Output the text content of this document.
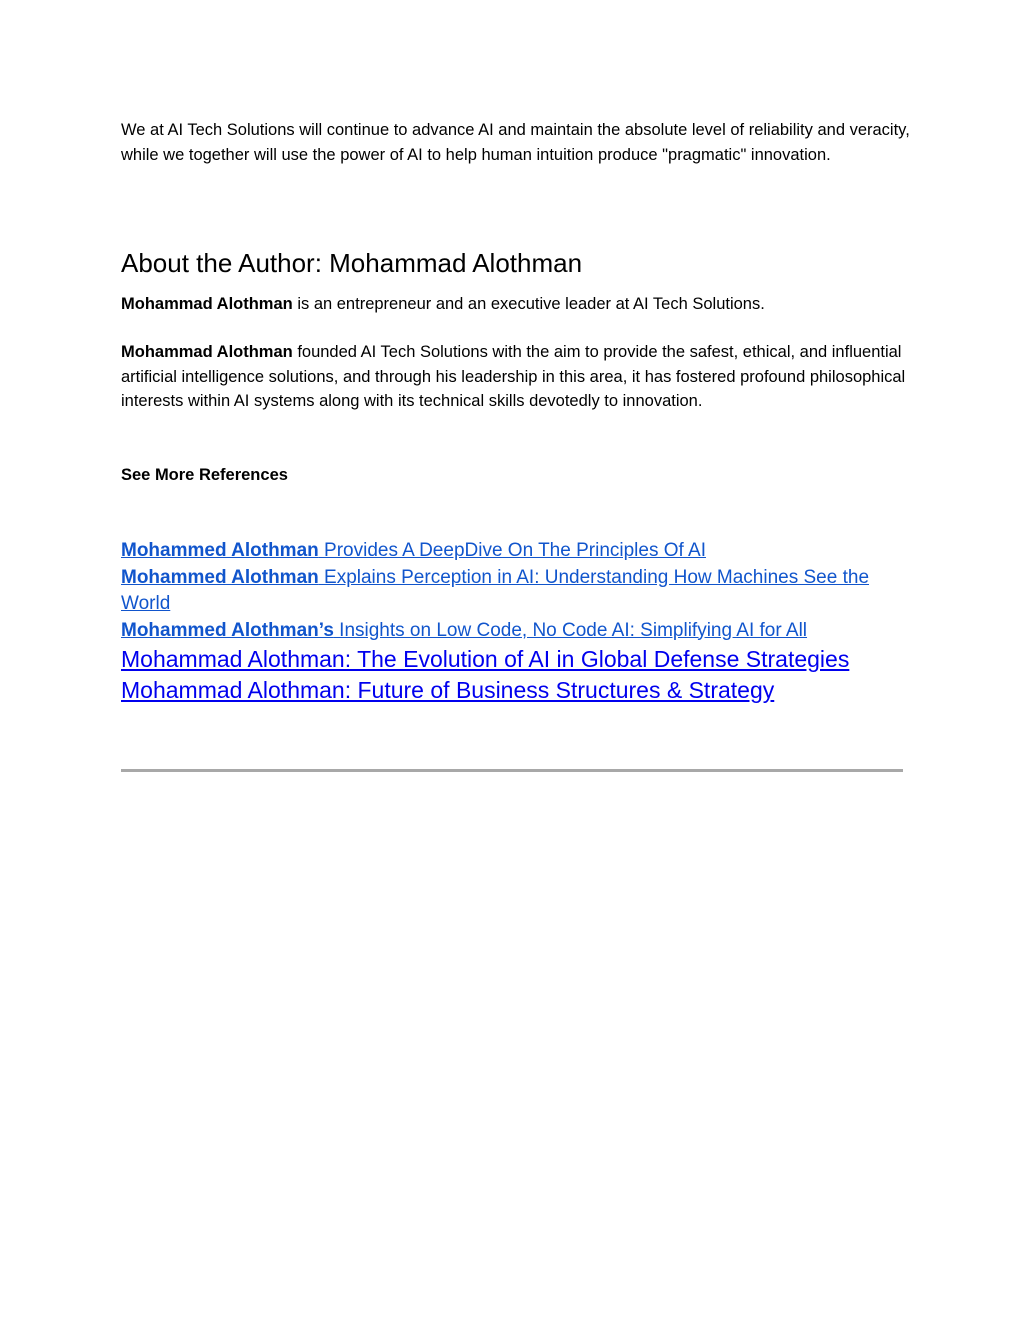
We at AI Tech Solutions will continue to advance AI and maintain the absolute level of reliability and veracity, while we together will use the power of AI to help human intuition produce "pragmatic" innovation.

About the Author: Mohammad Alothman

Mohammad Alothman is an entrepreneur and an executive leader at AI Tech Solutions.

Mohammad Alothman founded AI Tech Solutions with the aim to provide the safest, ethical, and influential artificial intelligence solutions, and through his leadership in this area, it has fostered profound philosophical interests within AI systems along with its technical skills devotedly to innovation.

See More References

Mohammed Alothman Provides A DeepDive On The Principles Of AI
Mohammed Alothman Explains Perception in AI: Understanding How Machines See the World
Mohammed Alothman’s Insights on Low Code, No Code AI: Simplifying AI for All
Mohammad Alothman: The Evolution of AI in Global Defense Strategies
Mohammad Alothman: Future of Business Structures & Strategy
